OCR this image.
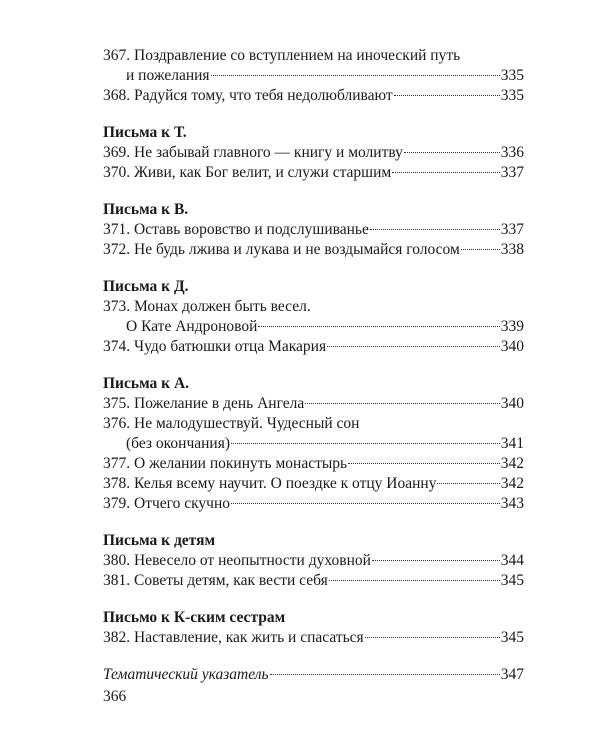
367. Поздравление со вступлением на иноческий путь
и пожелания	335
368. Радуйся тому, что тебя недолюбливают	335
Письма к Т.
369. Не забывай главного — книгу и молитву	336
370. Живи, как Бог велит, и служи старшим	337
Письма к В.
371. Оставь воровство и подслушиванье	337
372. Не будь лжива и лукава и не воздымайся голосом	338
Письма к Д.
373. Монах должен быть весел.
О Кате Андроновой	339
374. Чудо батюшки отца Макария	340
Письма к А.
375. Пожелание в день Ангела	340
376. Не малодушествуй. Чудесный сон
(без окончания)	341
377. О желании покинуть монастырь	342
378. Келья всему научит. О поездке к отцу Иоанну	342
379. Отчего скучно	343
Письма к детям
380. Невесело от неопытности духовной	344
381. Советы детям, как вести себя	345
Письмо к К-ским сестрам
382. Наставление, как жить и спасаться	345
Тематический указатель	347
366
